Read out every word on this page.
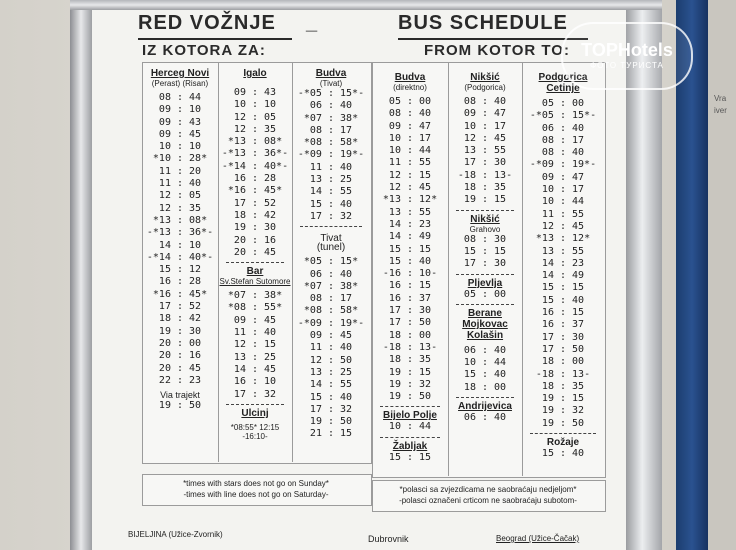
Vra
iver
RED VOŽNJE _	BUS SCHEDULE
IZ KOTORA ZA:	FROM KOTOR TO:
Herceg Novi
(Perast) (Risan)
08 : 44
09 : 10
09 : 43
09 : 45
10 : 10
*10 : 28*
11 : 20
11 : 40
12 : 05
12 : 35
*13 : 08*
-*13 : 36*-
14 : 10
-*14 : 40*-
15 : 12
16 : 28
*16 : 45*
17 : 52
18 : 42
19 : 30
20 : 00
20 : 16
20 : 45
22 : 23
Via trajekt
19 : 50
Igalo
09 : 43
10 : 10
12 : 05
12 : 35
*13 : 08*
-*13 : 36*-
-*14 : 40*-
16 : 28
*16 : 45*
17 : 52
18 : 42
19 : 30
20 : 16
20 : 45
Bar
Sv.Stefan Sutomore
*07 : 38*
*08 : 55*
09 : 45
11 : 40
12 : 15
13 : 25
14 : 45
16 : 10
17 : 32
Ulcinj
*08:55* 12:15
-16:10-
Budva
(Tivat)
-*05 : 15*-
06 : 40
*07 : 38*
08 : 17
*08 : 58*
-*09 : 19*-
11 : 40
13 : 25
14 : 55
15 : 40
17 : 32
Tivat
(tunel)
*05 : 15*
06 : 40
*07 : 38*
08 : 17
*08 : 58*
-*09 : 19*-
09 : 45
11 : 40
12 : 50
13 : 25
14 : 55
15 : 40
17 : 32
19 : 50
21 : 15
Budva
(direktno)
05 : 00
08 : 40
09 : 47
10 : 17
10 : 44
11 : 55
12 : 15
12 : 45
*13 : 12*
13 : 55
14 : 23
14 : 49
15 : 15
15 : 40
-16 : 10-
16 : 15
16 : 37
17 : 30
17 : 50
18 : 00
-18 : 13-
18 : 35
19 : 15
19 : 32
19 : 50
Bijelo Polje
10 : 44
Žabljak
15 : 15
Nikšić
(Podgorica)
08 : 40
09 : 47
10 : 17
12 : 45
13 : 55
17 : 30
-18 : 13-
18 : 35
19 : 15
Nikšić
Grahovo
08 : 30
15 : 15
17 : 30
Pljevlja
05 : 00
Berane Mojkovac Kolašin
06 : 40
10 : 44
15 : 40
18 : 00
Andrijevica
06 : 40
Podgorica Cetinje
05 : 00
-*05 : 15*-
06 : 40
08 : 17
08 : 40
-*09 : 19*-
09 : 47
10 : 17
10 : 44
11 : 55
12 : 45
*13 : 12*
13 : 55
14 : 23
14 : 49
15 : 15
15 : 40
16 : 15
16 : 37
17 : 30
17 : 50
18 : 00
-18 : 13-
18 : 35
19 : 15
19 : 32
19 : 50
Rožaje
15 : 40
*times with stars does not go on Sunday*
-times with line does not go on Saturday-
*polasci sa zvjezdicama ne saobraćaju nedjeljom*
-polasci označeni crticom ne saobraćaju subotom-
BIJELJINA (Užice-Zvornik)	Dubrovnik	Beograd (Užice-Čačak)
TOPHotels
ФОТО ТУРИСТА
